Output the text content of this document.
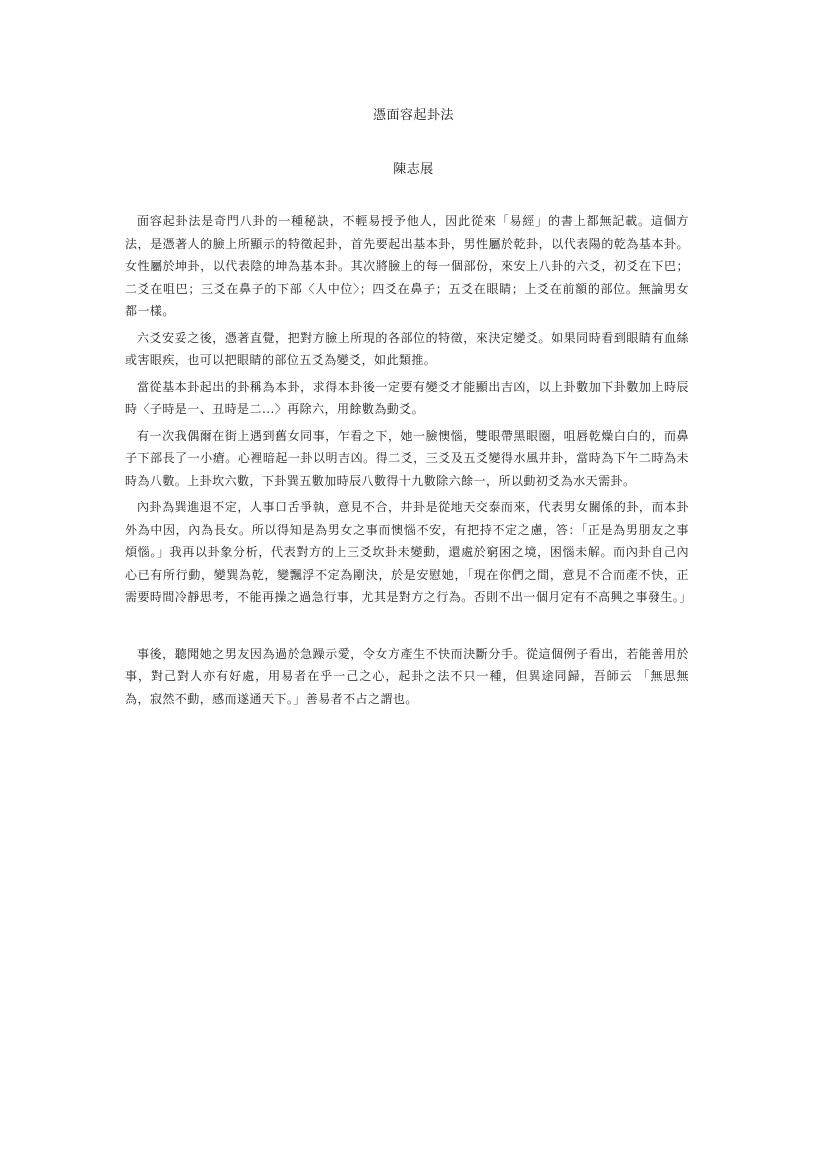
憑面容起卦法
陳志展

面容起卦法是奇門八卦的一種秘訣，不輕易授予他人，因此從來「易經」的書上都無記載。這個方法，是憑著人的臉上所顯示的特徵起卦，首先要起出基本卦，男性屬於乾卦，以代表陽的乾為基本卦。女性屬於坤卦，以代表陰的坤為基本卦。其次將臉上的每一個部份，來安上八卦的六爻，初爻在下巴；二爻在咀巴；三爻在鼻子的下部〈人中位〉；四爻在鼻子；五爻在眼睛；上爻在前額的部位。無論男女都一樣。

六爻安妥之後，憑著直覺，把對方臉上所現的各部位的特徵，來決定變爻。如果同時看到眼睛有血絲或害眼疾，也可以把眼睛的部位五爻為變爻，如此類推。

當從基本卦起出的卦稱為本卦，求得本卦後一定要有變爻才能顯出吉凶，以上卦數加下卦數加上時辰時〈子時是一、丑時是二...〉再除六，用餘數為動爻。

有一次我偶爾在街上遇到舊女同事，乍看之下，她一臉懊惱，雙眼帶黑眼圈，咀唇乾燥白白的，而鼻子下部長了一小瘡。心裡暗起一卦以明吉凶。得二爻，三爻及五爻變得水風井卦，當時為下午二時為未時為八數。上卦坎六數，下卦巽五數加時辰八數得十九數除六餘一，所以動初爻為水天需卦。

內卦為巽進退不定，人事口舌爭執，意見不合，井卦是從地天交泰而來，代表男女關係的卦，而本卦外為中因，內為長女。所以得知是為男女之事而懊惱不安，有把持不定之慮，答：「正是為男朋友之事煩惱。」我再以卦象分析，代表對方的上三爻坎卦未變動，還處於窮困之境，困惱未解。而內卦自己內心已有所行動，變巽為乾，變飄浮不定為剛決，於是安慰她，「現在你們之間，意見不合而產不快，正需要時間冷靜思考，不能再操之過急行事，尤其是對方之行為。否則不出一個月定有不高興之事發生。」

事後，聽聞她之男友因為過於急躁示愛，令女方產生不快而決斷分手。從這個例子看出，若能善用於事，對己對人亦有好處，用易者在乎一己之心，起卦之法不只一種，但異途同歸，吾師云 「無思無為，寂然不動，感而遂通天下。」善易者不占之謂也。
